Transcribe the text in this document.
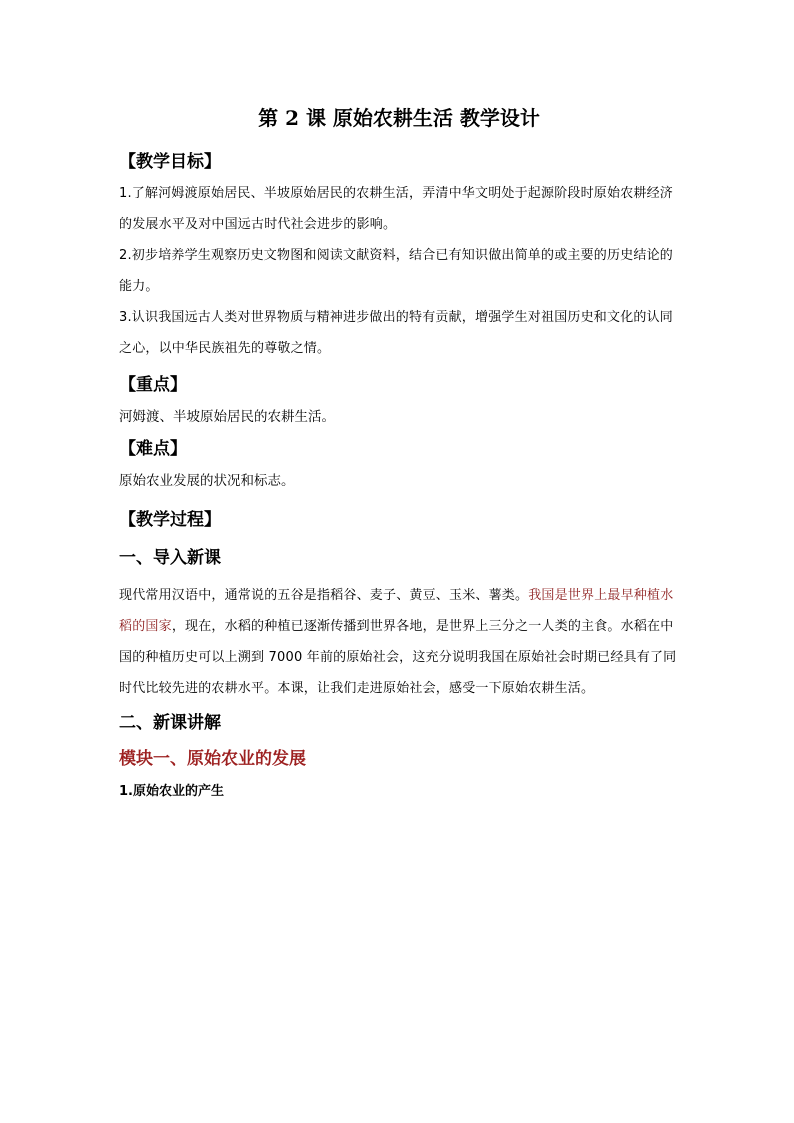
第 2 课 原始农耕生活 教学设计
【教学目标】

1.了解河姆渡原始居民、半坡原始居民的农耕生活，弄清中华文明处于起源阶段时原始农耕经济的发展水平及对中国远古时代社会进步的影响。

2.初步培养学生观察历史文物图和阅读文献资料，结合已有知识做出简单的或主要的历史结论的能力。

3.认识我国远古人类对世界物质与精神进步做出的特有贡献，增强学生对祖国历史和文化的认同之心，以中华民族祖先的尊敬之情。

【重点】

河姆渡、半坡原始居民的农耕生活。

【难点】

原始农业发展的状况和标志。

【教学过程】
一、导入新课

现代常用汉语中，通常说的五谷是指稻谷、麦子、黄豆、玉米、薯类。我国是世界上最早种植水稻的国家，现在，水稻的种植已逐渐传播到世界各地，是世界上三分之一人类的主食。水稻在中国的种植历史可以上溯到 7000 年前的原始社会，这充分说明我国在原始社会时期已经具有了同时代比较先进的农耕水平。本课，让我们走进原始社会，感受一下原始农耕生活。

二、新课讲解
模块一、原始农业的发展

1.原始农业的产生
